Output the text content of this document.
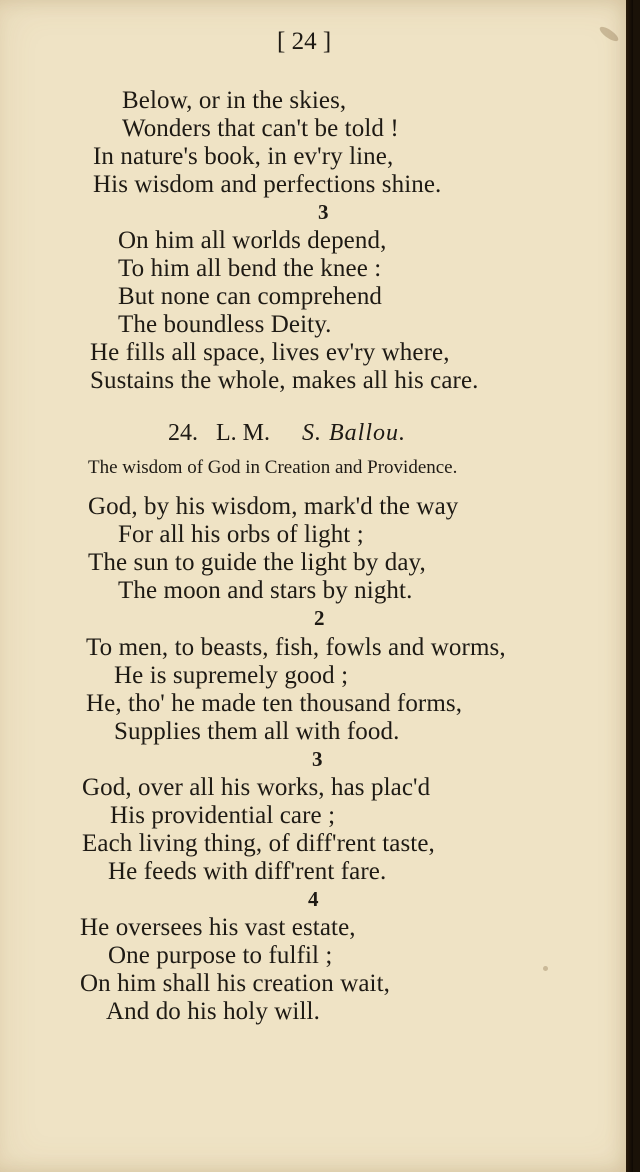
[ 24 ]
Below, or in the skies,
Wonders that can't be told !
In nature's book, in ev'ry line,
His wisdom and perfections shine.
3
On him all worlds depend,
To him all bend the knee :
But none can comprehend
The boundless Deity.
He fills all space, lives ev'ry where,
Sustains the whole, makes all his care.
24. L. M. S. Ballou.
The wisdom of God in Creation and Providence.
God, by his wisdom, mark'd the way
For all his orbs of light ;
The sun to guide the light by day,
The moon and stars by night.
2
To men, to beasts, fish, fowls and worms,
He is supremely good ;
He, tho' he made ten thousand forms,
Supplies them all with food.
3
God, over all his works, has plac'd
His providential care ;
Each living thing, of diff'rent taste,
He feeds with diff'rent fare.
4
He oversees his vast estate,
One purpose to fulfil ;
On him shall his creation wait,
And do his holy will.
